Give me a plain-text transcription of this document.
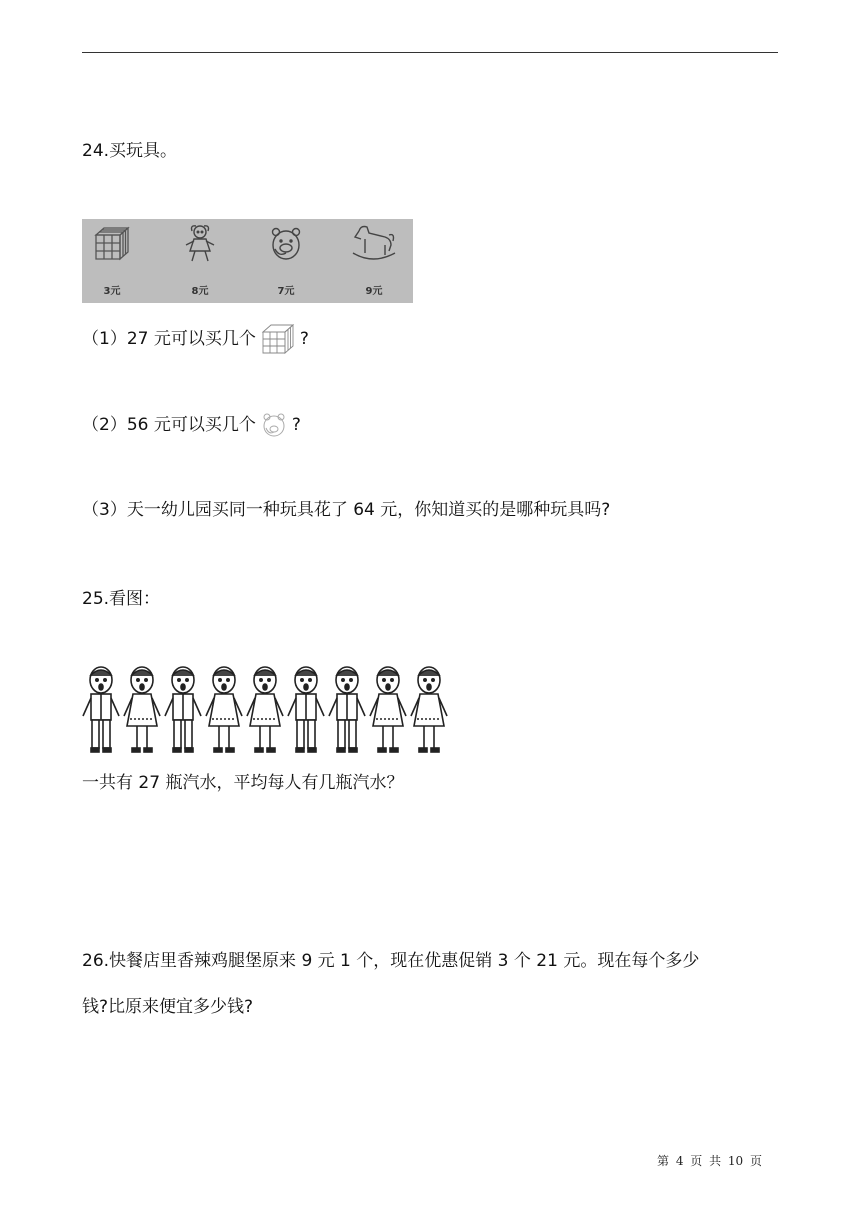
24.买玩具。
3元	8元	7元	9元
（1）27 元可以买几个	?
（2）56 元可以买几个 ?
（3）天一幼儿园买同一种玩具花了 64 元，你知道买的是哪种玩具吗?
25.看图：
一共有 27 瓶汽水，平均每人有几瓶汽水？
26.快餐店里香辣鸡腿堡原来 9 元 1 个，现在优惠促销 3 个 21 元。现在每个多少
钱?比原来便宜多少钱?
第 4 页 共 10 页
